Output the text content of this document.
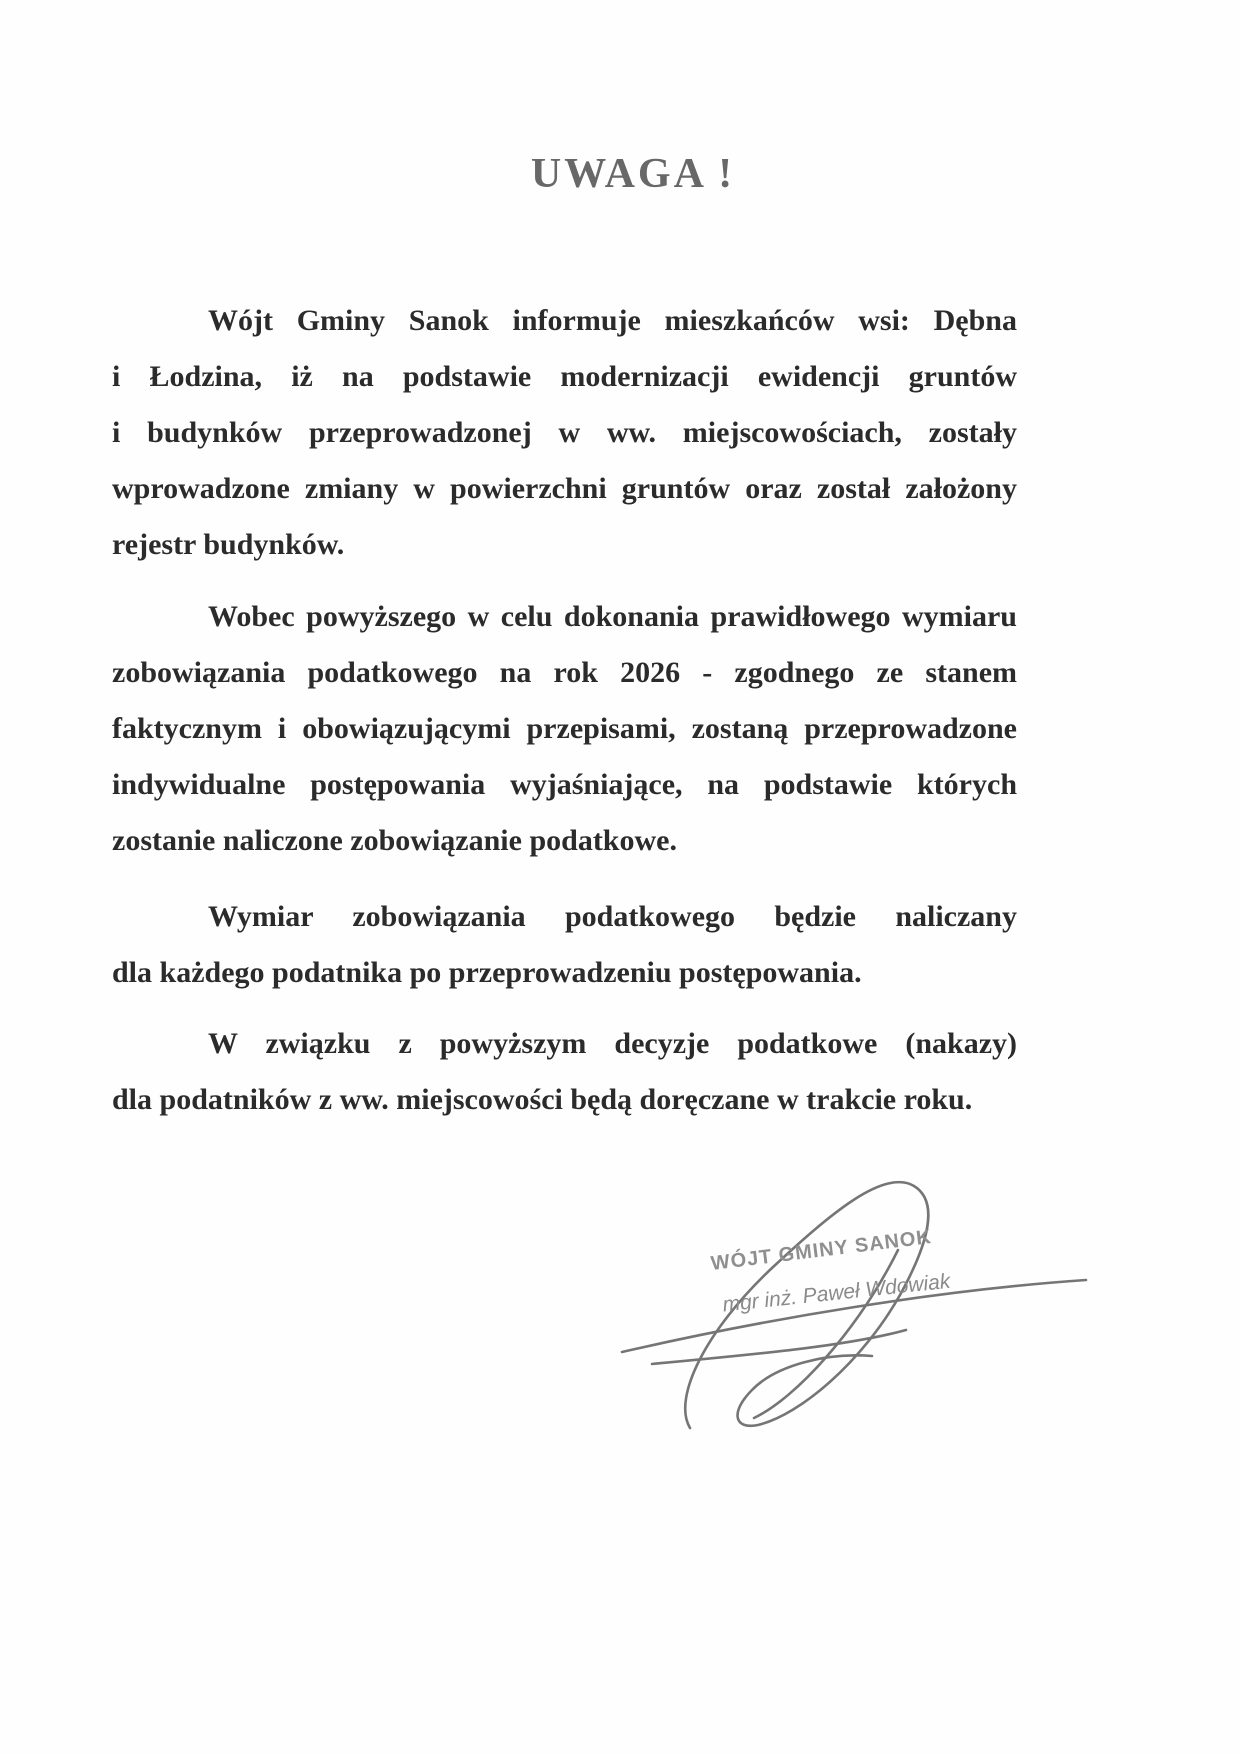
UWAGA !
Wójt Gminy Sanok informuje mieszkańców wsi: Dębna
i Łodzina, iż na podstawie modernizacji ewidencji gruntów
i budynków przeprowadzonej w ww. miejscowościach, zostały
wprowadzone zmiany w powierzchni gruntów oraz został założony
rejestr budynków.
Wobec powyższego w celu dokonania prawidłowego wymiaru
zobowiązania podatkowego na rok 2026 - zgodnego ze stanem
faktycznym i obowiązującymi przepisami, zostaną przeprowadzone
indywidualne postępowania wyjaśniające, na podstawie których
zostanie naliczone zobowiązanie podatkowe.
Wymiar zobowiązania podatkowego będzie naliczany
dla każdego podatnika po przeprowadzeniu postępowania.
W związku z powyższym decyzje podatkowe (nakazy)
dla podatników z ww. miejscowości będą doręczane w trakcie roku.
WÓJT GMINY SANOK
mgr inż. Paweł Wdowiak
